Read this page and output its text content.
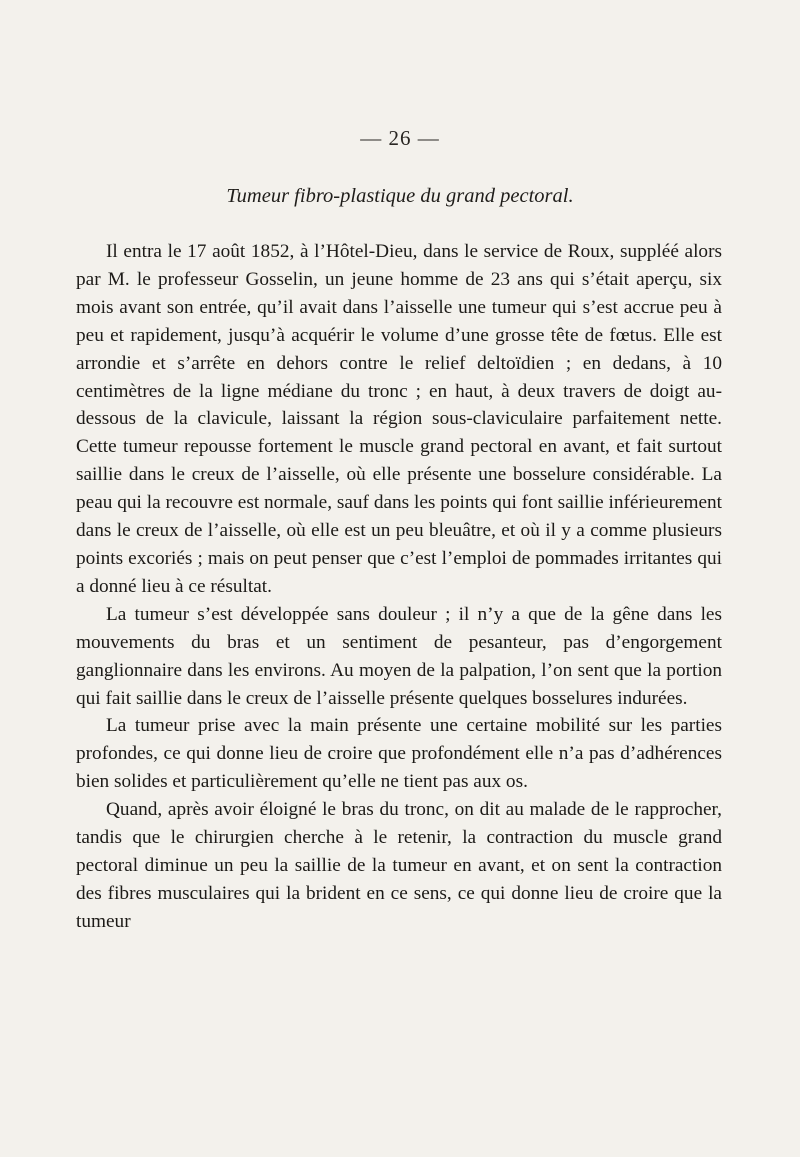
— 26 —
Tumeur fibro-plastique du grand pectoral.

Il entra le 17 août 1852, à l’Hôtel-Dieu, dans le service de Roux, suppléé alors par M. le professeur Gosselin, un jeune homme de 23 ans qui s’était aperçu, six mois avant son entrée, qu’il avait dans l’aisselle une tumeur qui s’est accrue peu à peu et rapidement, jusqu’à acquérir le volume d’une grosse tête de fœtus. Elle est arrondie et s’arrête en dehors contre le relief deltoïdien ; en dedans, à 10 centimètres de la ligne médiane du tronc ; en haut, à deux travers de doigt au-dessous de la clavicule, laissant la région sous-claviculaire parfaitement nette. Cette tumeur repousse fortement le muscle grand pectoral en avant, et fait surtout saillie dans le creux de l’aisselle, où elle présente une bosselure considérable. La peau qui la recouvre est normale, sauf dans les points qui font saillie inférieurement dans le creux de l’aisselle, où elle est un peu bleuâtre, et où il y a comme plusieurs points excoriés ; mais on peut penser que c’est l’emploi de pommades irritantes qui a donné lieu à ce résultat.

La tumeur s’est développée sans douleur ; il n’y a que de la gêne dans les mouvements du bras et un sentiment de pesanteur, pas d’engorgement ganglionnaire dans les environs. Au moyen de la palpation, l’on sent que la portion qui fait saillie dans le creux de l’aisselle présente quelques bosselures indurées.

La tumeur prise avec la main présente une certaine mobilité sur les parties profondes, ce qui donne lieu de croire que profondément elle n’a pas d’adhérences bien solides et particulièrement qu’elle ne tient pas aux os.

Quand, après avoir éloigné le bras du tronc, on dit au malade de le rapprocher, tandis que le chirurgien cherche à le retenir, la contraction du muscle grand pectoral diminue un peu la saillie de la tumeur en avant, et on sent la contraction des fibres musculaires qui la brident en ce sens, ce qui donne lieu de croire que la tumeur
